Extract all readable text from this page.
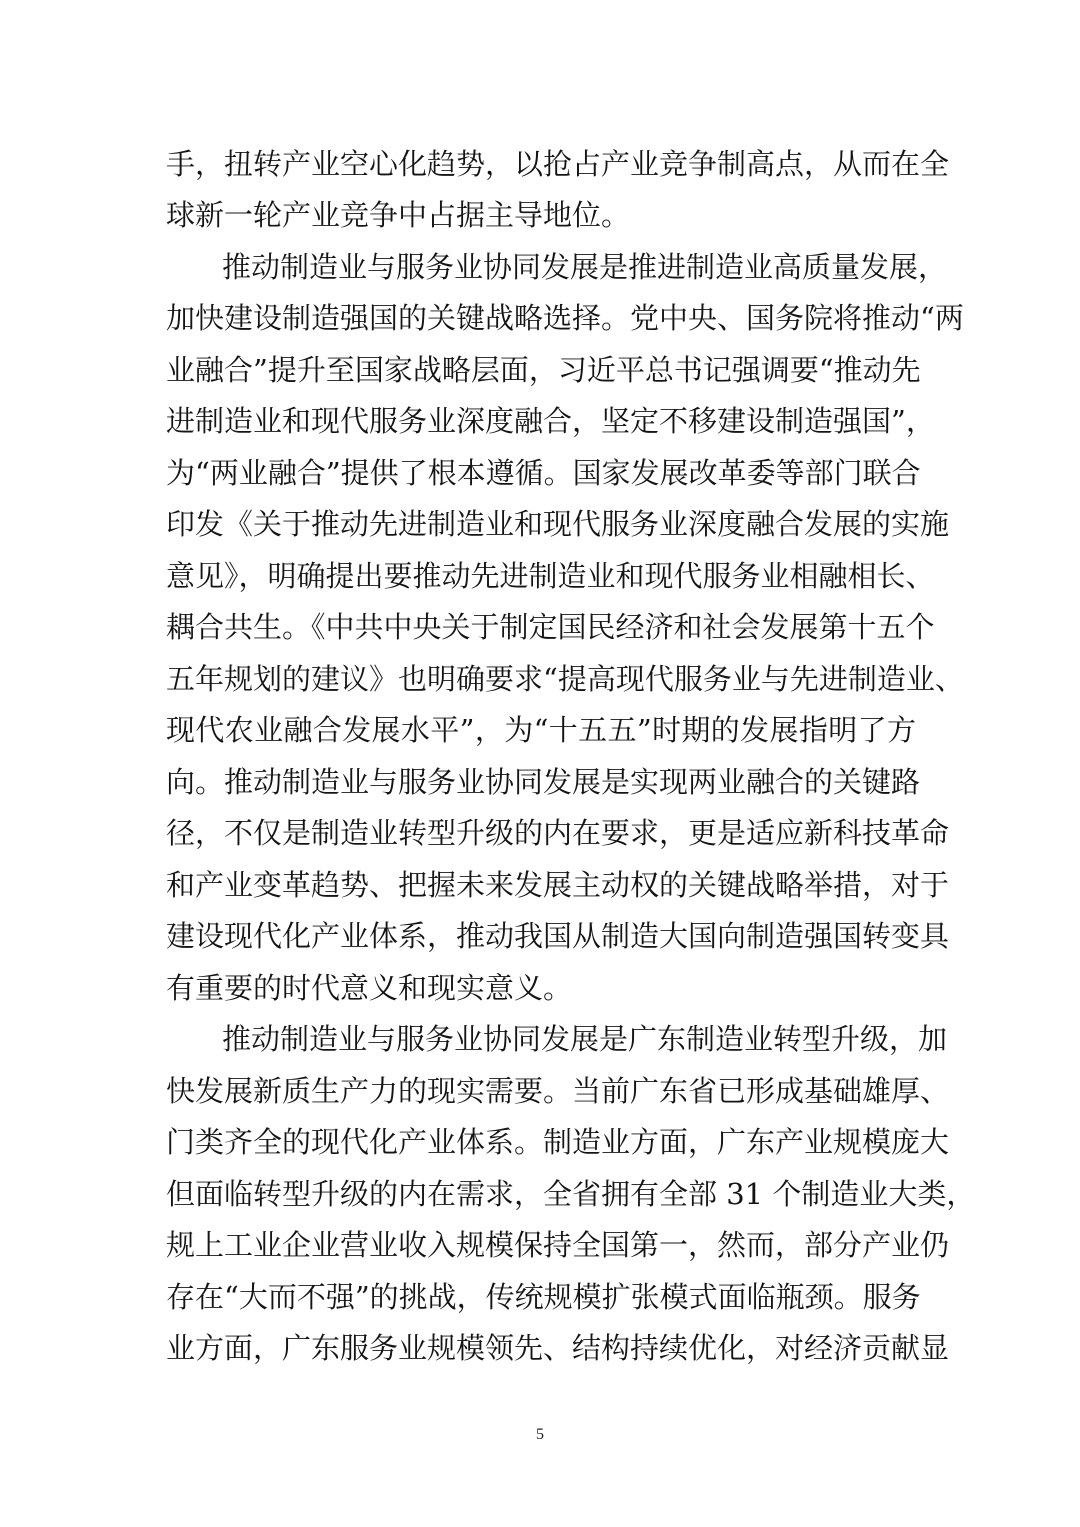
手，扭转产业空心化趋势，以抢占产业竞争制高点，从而在全
球新一轮产业竞争中占据主导地位。
推动制造业与服务业协同发展是推进制造业高质量发展，
加快建设制造强国的关键战略选择。党中央、国务院将推动“两
业融合”提升至国家战略层面，习近平总书记强调要“推动先
进制造业和现代服务业深度融合，坚定不移建设制造强国”，
为“两业融合”提供了根本遵循。国家发展改革委等部门联合
印发《关于推动先进制造业和现代服务业深度融合发展的实施
意见》，明确提出要推动先进制造业和现代服务业相融相长、
耦合共生。《中共中央关于制定国民经济和社会发展第十五个
五年规划的建议》也明确要求“提高现代服务业与先进制造业、
现代农业融合发展水平”，为“十五五”时期的发展指明了方
向。推动制造业与服务业协同发展是实现两业融合的关键路
径，不仅是制造业转型升级的内在要求，更是适应新科技革命
和产业变革趋势、把握未来发展主动权的关键战略举措，对于
建设现代化产业体系，推动我国从制造大国向制造强国转变具
有重要的时代意义和现实意义。
推动制造业与服务业协同发展是广东制造业转型升级，加
快发展新质生产力的现实需要。当前广东省已形成基础雄厚、
门类齐全的现代化产业体系。制造业方面，广东产业规模庞大
但面临转型升级的内在需求，全省拥有全部 31 个制造业大类，
规上工业企业营业收入规模保持全国第一，然而，部分产业仍
存在“大而不强”的挑战，传统规模扩张模式面临瓶颈。服务
业方面，广东服务业规模领先、结构持续优化，对经济贡献显
5
